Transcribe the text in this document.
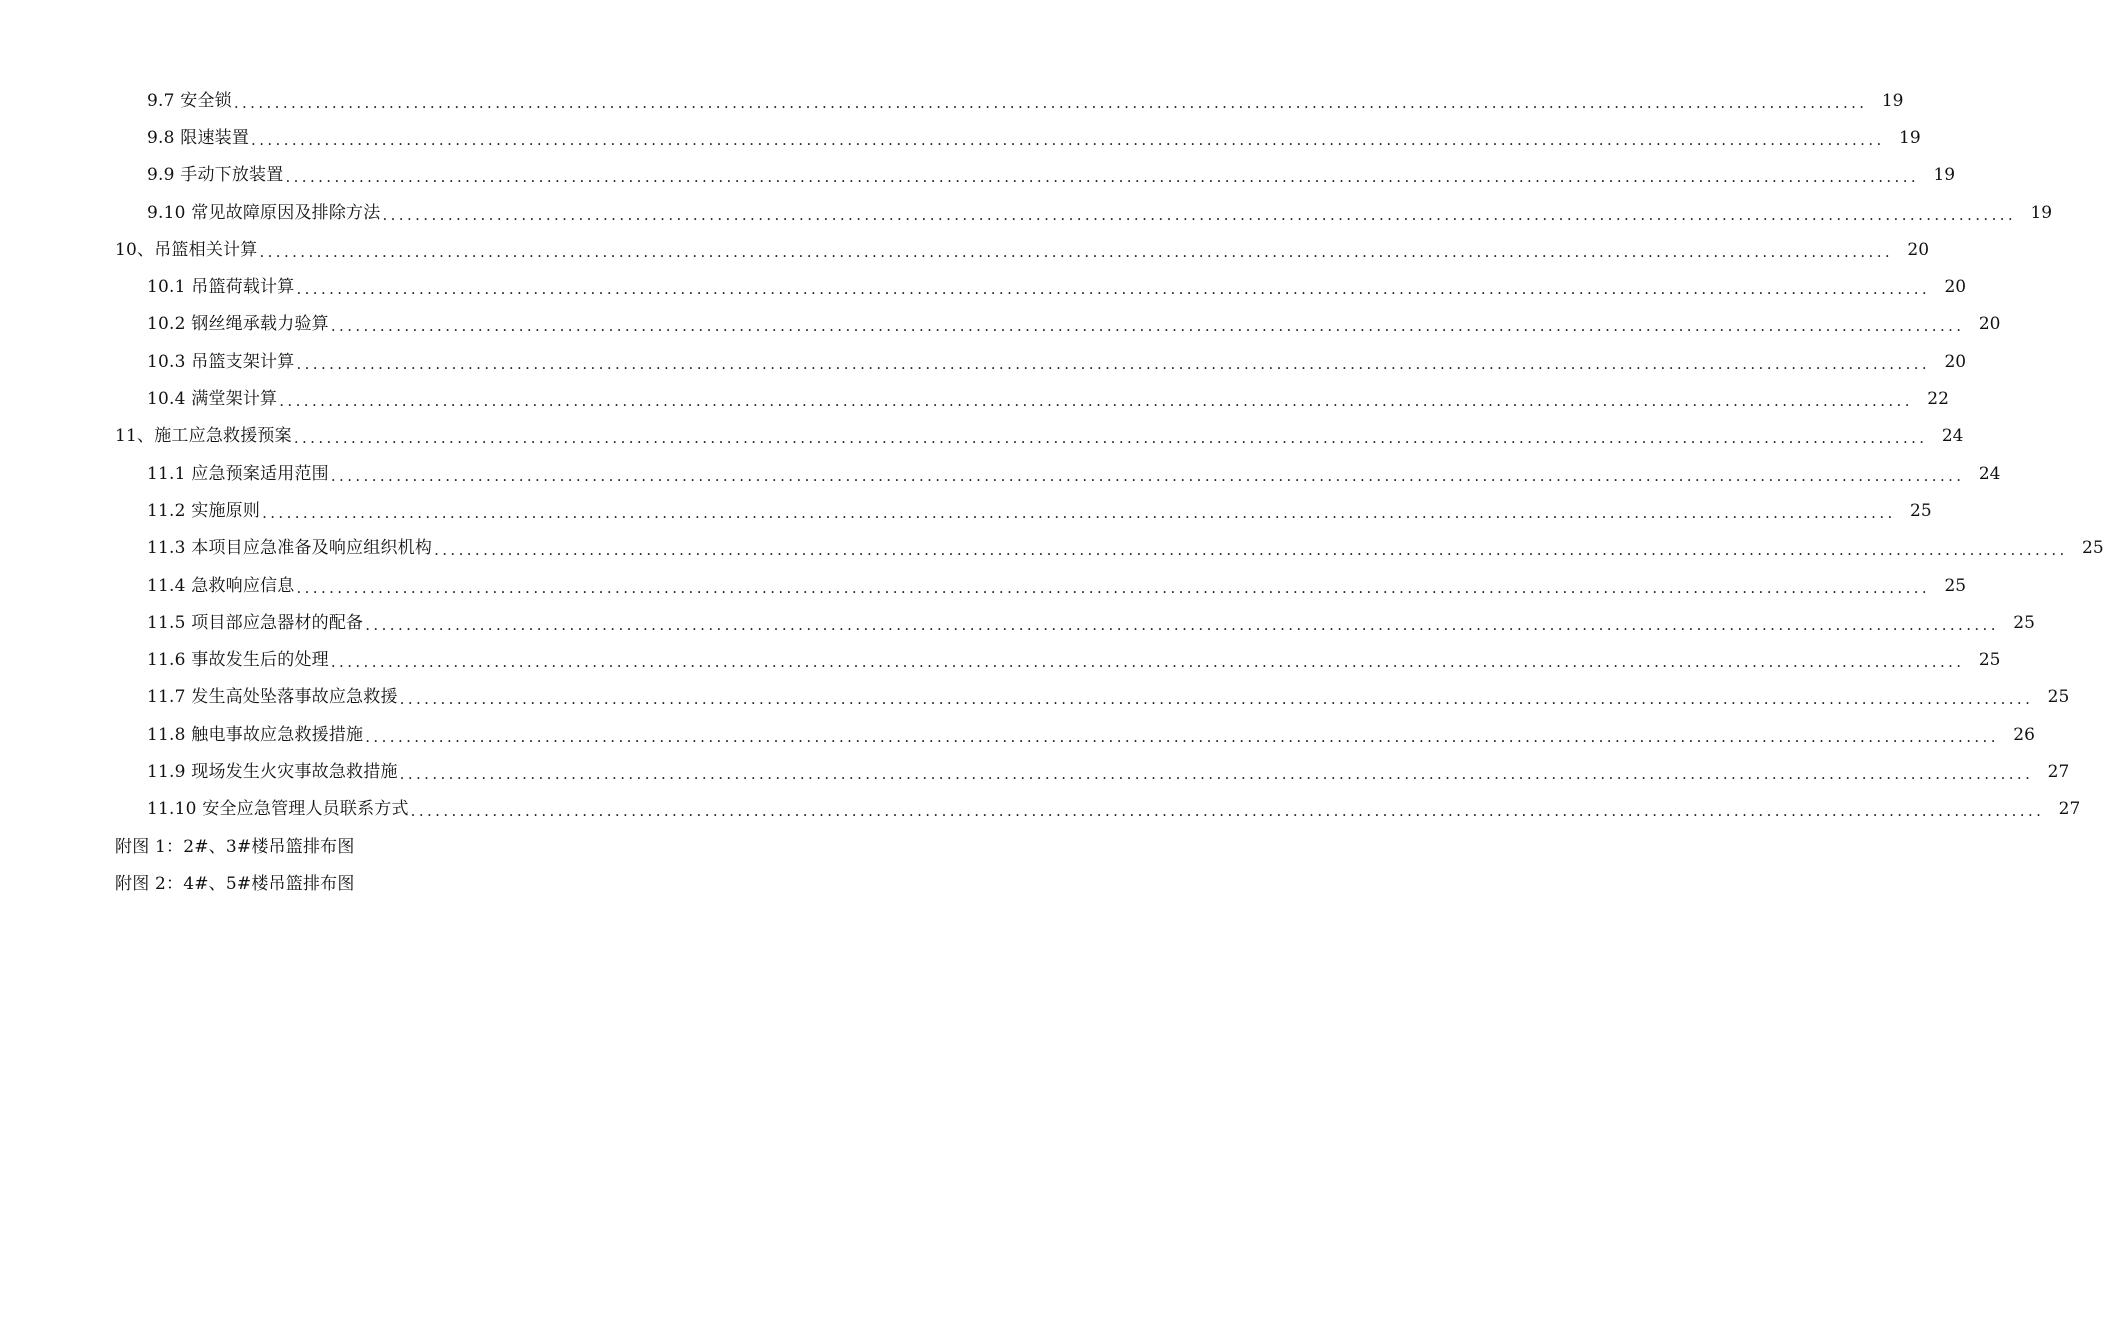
9.7 安全锁 ........................................................................................................................................................................................................ 19
9.8 限速装置 ........................................................................................................................................................................................................ 19
9.9 手动下放装置 ........................................................................................................................................................................................................ 19
9.10 常见故障原因及排除方法 ........................................................................................................................................................................................................ 19
10、吊篮相关计算 ........................................................................................................................................................................................................ 20
10.1 吊篮荷载计算 ........................................................................................................................................................................................................ 20
10.2 钢丝绳承载力验算 ........................................................................................................................................................................................................ 20
10.3 吊篮支架计算 ........................................................................................................................................................................................................ 20
10.4 满堂架计算 ........................................................................................................................................................................................................ 22
11、施工应急救援预案 ........................................................................................................................................................................................................ 24
11.1 应急预案适用范围 ........................................................................................................................................................................................................ 24
11.2 实施原则 ........................................................................................................................................................................................................ 25
11.3 本项目应急准备及响应组织机构 ........................................................................................................................................................................................................ 25
11.4 急救响应信息 ........................................................................................................................................................................................................ 25
11.5 项目部应急器材的配备 ........................................................................................................................................................................................................ 25
11.6 事故发生后的处理 ........................................................................................................................................................................................................ 25
11.7 发生高处坠落事故应急救援 ........................................................................................................................................................................................................ 25
11.8 触电事故应急救援措施 ........................................................................................................................................................................................................ 26
11.9 现场发生火灾事故急救措施 ........................................................................................................................................................................................................ 27
11.10 安全应急管理人员联系方式 ........................................................................................................................................................................................................ 27
附图 1：2#、3#楼吊篮排布图
附图 2：4#、5#楼吊篮排布图
